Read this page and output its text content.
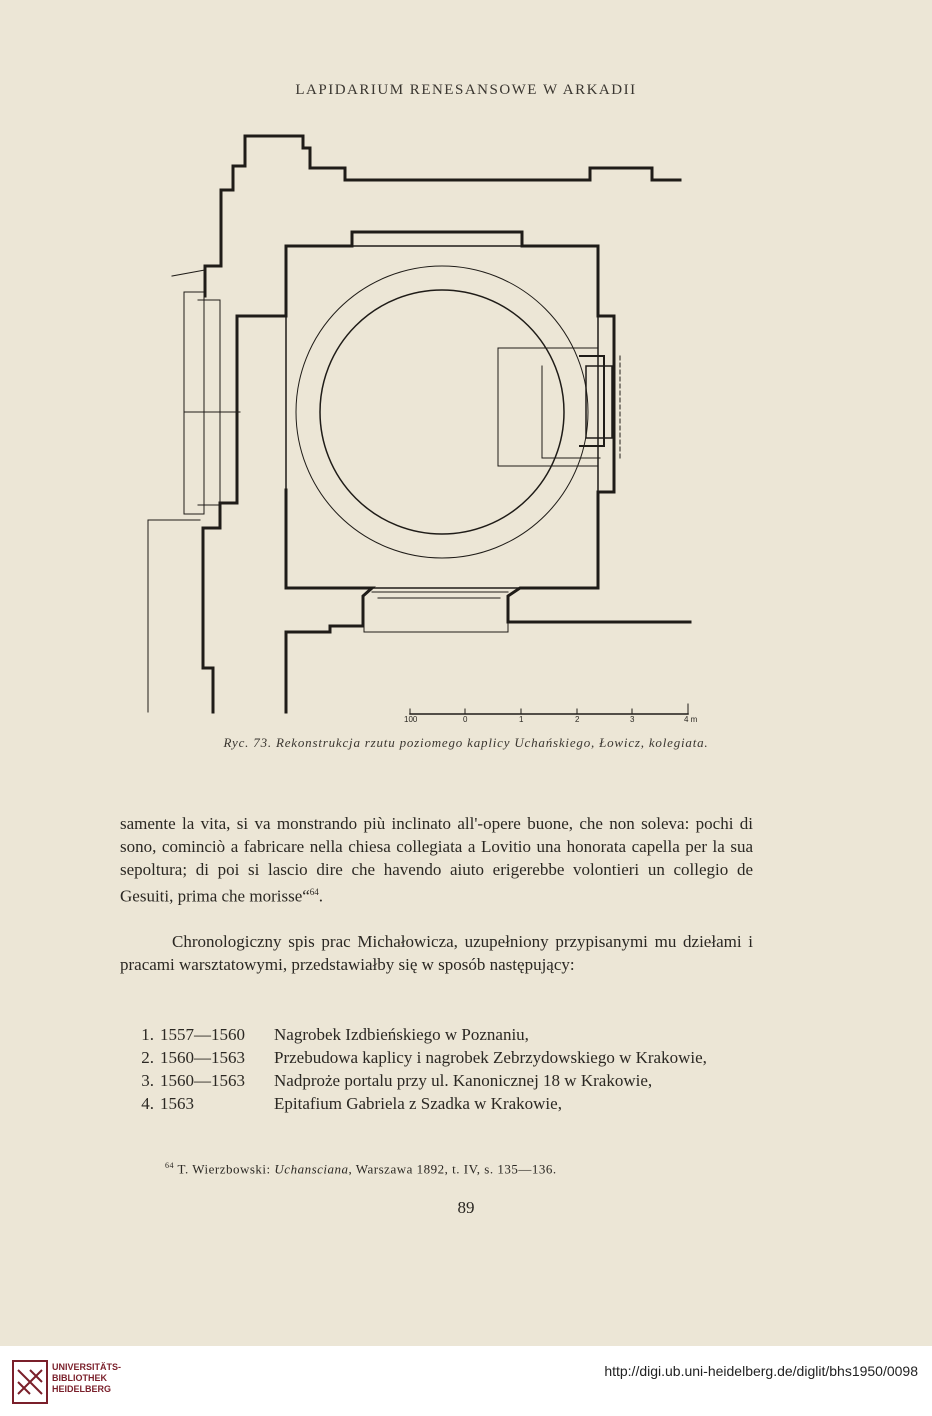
LAPIDARIUM RENESANSOWE W ARKADII
100	0	1	2	3	4 m
Ryc. 73. Rekonstrukcja rzutu poziomego kaplicy Uchańskiego, Łowicz, kolegiata.
samente la vita, si va monstrando più inclinato all'-opere buone, che non soleva: pochi di sono, cominciò a fabricare nella chiesa collegiata a Lovitio una honorata capella per la sua sepoltura; di poi si lascio dire che havendo aiuto erigerebbe volontieri un collegio de Gesuiti, prima che morisse“$^{64}$.
Chronologiczny spis prac Michałowicza, uzupełniony przypisanymi mu dziełami i pracami warsztatowymi, przedstawiałby się w sposób następujący:
1. 1557—1560	Nagrobek Izdbieńskiego w Poznaniu,
2. 1560—1563	Przebudowa kaplicy i nagrobek Zebrzydowskiego w Krakowie,
3. 1560—1563	Nadproże portalu przy ul. Kanonicznej 18 w Krakowie,
4. 1563	Epitafium Gabriela z Szadka w Krakowie,
$^{64}$ T. Wierzbowski: Uchansciana, Warszawa 1892, t. IV, s. 135—136.
89
UNIVERSITÄTS-
BIBLIOTHEK
HEIDELBERG
http://digi.ub.uni-heidelberg.de/diglit/bhs1950/0098
